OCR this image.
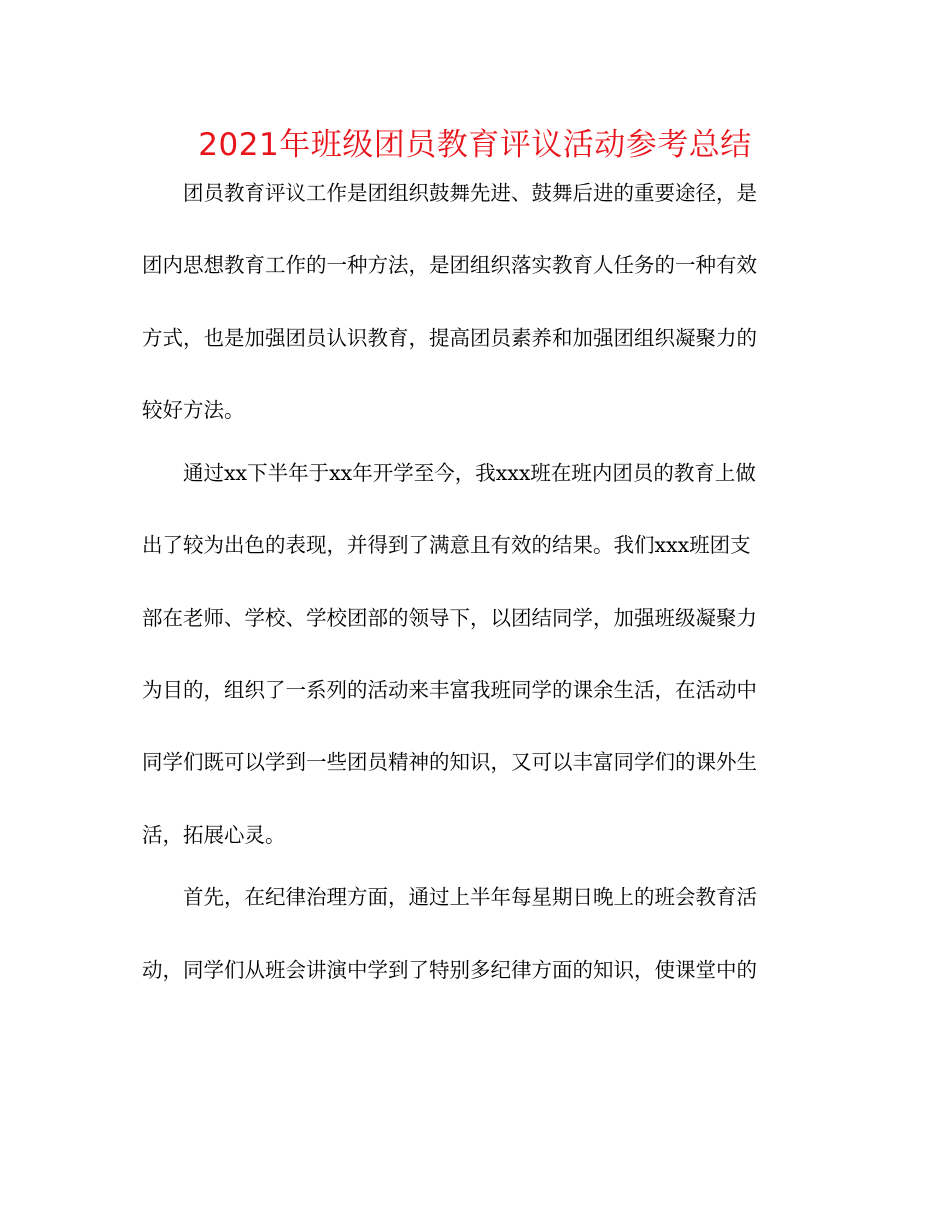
2021年班级团员教育评议活动参考总结
团员教育评议工作是团组织鼓舞先进、鼓舞后进的重要途径，是
团内思想教育工作的一种方法，是团组织落实教育人任务的一种有效
方式，也是加强团员认识教育，提高团员素养和加强团组织凝聚力的
较好方法。
通过xx下半年于xx年开学至今，我xxx班在班内团员的教育上做
出了较为出色的表现，并得到了满意且有效的结果。我们xxx班团支
部在老师、学校、学校团部的领导下，以团结同学，加强班级凝聚力
为目的，组织了一系列的活动来丰富我班同学的课余生活，在活动中
同学们既可以学到一些团员精神的知识，又可以丰富同学们的课外生
活，拓展心灵。
首先，在纪律治理方面，通过上半年每星期日晚上的班会教育活
动，同学们从班会讲演中学到了特别多纪律方面的知识，使课堂中的
